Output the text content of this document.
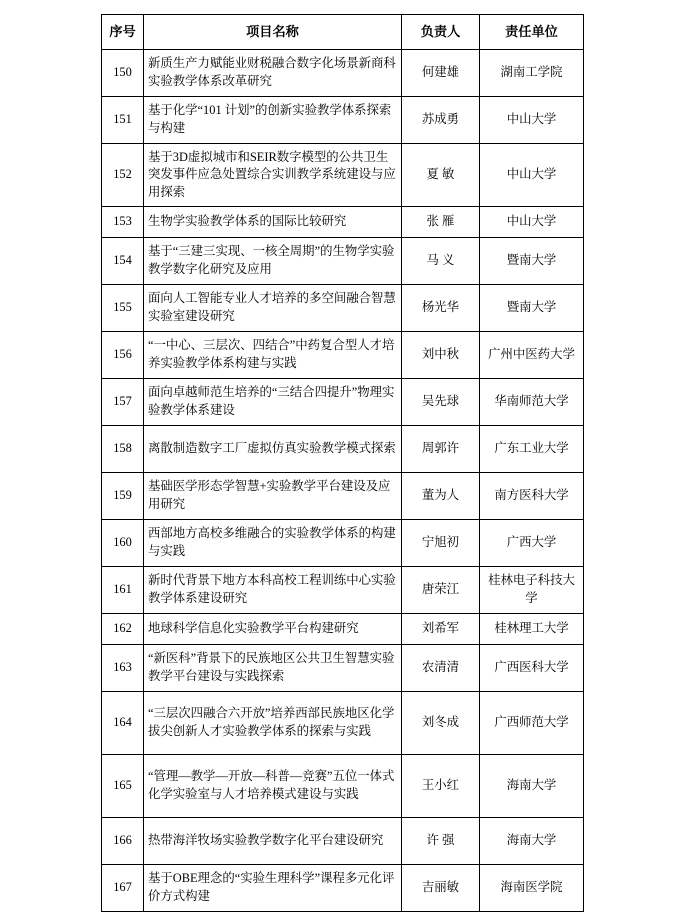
序号	项目名称	负责人	责任单位
150	新质生产力赋能业财税融合数字化场景新商科实验教学体系改革研究	何建雄	湖南工学院
151	基于化学“101 计划”的创新实验教学体系探索与构建	苏成勇	中山大学
152	基于3D虚拟城市和SEIR数字模型的公共卫生突发事件应急处置综合实训教学系统建设与应用探索	夏 敏	中山大学
153	生物学实验教学体系的国际比较研究	张 雁	中山大学
154	基于“三建三实现、一核全周期”的生物学实验教学数字化研究及应用	马 义	暨南大学
155	面向人工智能专业人才培养的多空间融合智慧实验室建设研究	杨光华	暨南大学
156	“一中心、三层次、四结合”中药复合型人才培养实验教学体系构建与实践	刘中秋	广州中医药大学
157	面向卓越师范生培养的“三结合四提升”物理实验教学体系建设	吴先球	华南师范大学
158	离散制造数字工厂虚拟仿真实验教学模式探索	周郭许	广东工业大学
159	基础医学形态学智慧+实验教学平台建设及应用研究	董为人	南方医科大学
160	西部地方高校多维融合的实验教学体系的构建与实践	宁旭初	广西大学
161	新时代背景下地方本科高校工程训练中心实验教学体系建设研究	唐荣江	桂林电子科技大学
162	地球科学信息化实验教学平台构建研究	刘希军	桂林理工大学
163	“新医科”背景下的民族地区公共卫生智慧实验教学平台建设与实践探索	农清清	广西医科大学
164	“三层次四融合六开放”培养西部民族地区化学拔尖创新人才实验教学体系的探索与实践	刘冬成	广西师范大学
165	“管理—教学—开放—科普—竞赛”五位一体式化学实验室与人才培养模式建设与实践	王小红	海南大学
166	热带海洋牧场实验教学数字化平台建设研究	许 强	海南大学
167	基于OBE理念的“实验生理科学”课程多元化评价方式构建	吉丽敏	海南医学院
